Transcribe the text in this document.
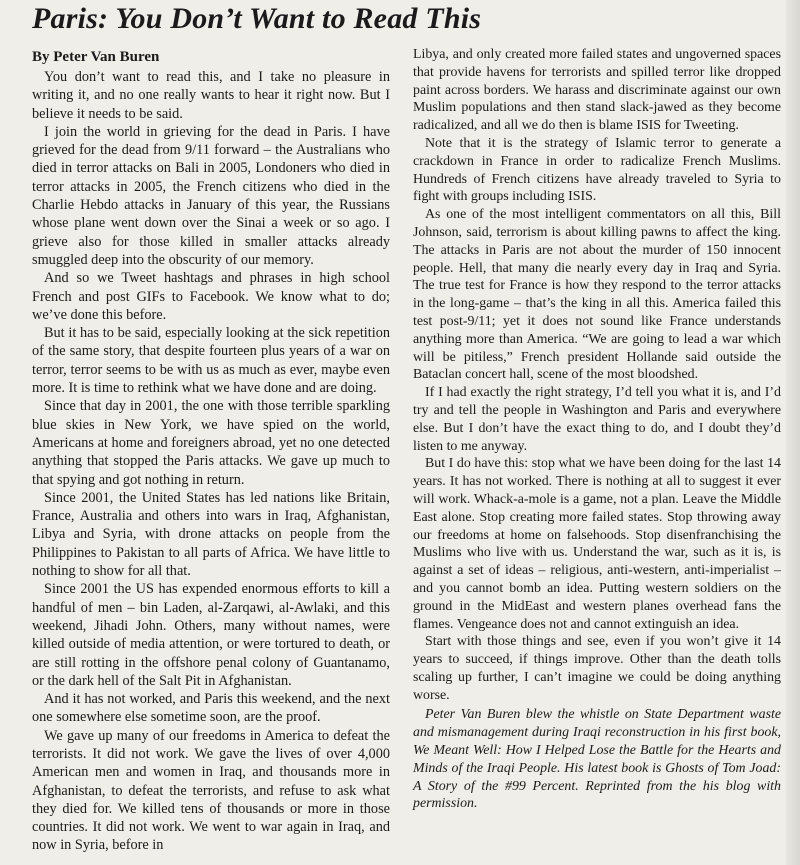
Paris: You Don’t Want to Read This
By Peter Van Buren

You don’t want to read this, and I take no pleasure in writing it, and no one really wants to hear it right now. But I believe it needs to be said.

I join the world in grieving for the dead in Paris. I have grieved for the dead from 9/11 forward – the Australians who died in terror attacks on Bali in 2005, Londoners who died in terror attacks in 2005, the French citizens who died in the Charlie Hebdo attacks in January of this year, the Russians whose plane went down over the Sinai a week or so ago. I grieve also for those killed in smaller attacks already smuggled deep into the obscurity of our memory.

And so we Tweet hashtags and phrases in high school French and post GIFs to Facebook. We know what to do; we’ve done this before.

But it has to be said, especially looking at the sick repetition of the same story, that despite fourteen plus years of a war on terror, terror seems to be with us as much as ever, maybe even more. It is time to rethink what we have done and are doing.

Since that day in 2001, the one with those terrible sparkling blue skies in New York, we have spied on the world, Americans at home and foreigners abroad, yet no one detected anything that stopped the Paris attacks. We gave up much to that spying and got nothing in return.

Since 2001, the United States has led nations like Britain, France, Australia and others into wars in Iraq, Afghanistan, Libya and Syria, with drone attacks on people from the Philippines to Pakistan to all parts of Africa. We have little to nothing to show for all that.

Since 2001 the US has expended enormous efforts to kill a handful of men – bin Laden, al-Zarqawi, al-Awlaki, and this weekend, Jihadi John. Others, many without names, were killed outside of media attention, or were tortured to death, or are still rotting in the offshore penal colony of Guantanamo, or the dark hell of the Salt Pit in Afghanistan.

And it has not worked, and Paris this weekend, and the next one somewhere else sometime soon, are the proof.

We gave up many of our freedoms in America to defeat the terrorists. It did not work. We gave the lives of over 4,000 American men and women in Iraq, and thousands more in Afghanistan, to defeat the terrorists, and refuse to ask what they died for. We killed tens of thousands or more in those countries. It did not work. We went to war again in Iraq, and now in Syria, before in

Libya, and only created more failed states and ungoverned spaces that provide havens for terrorists and spilled terror like dropped paint across borders. We harass and discriminate against our own Muslim populations and then stand slack-jawed as they become radicalized, and all we do then is blame ISIS for Tweeting.

Note that it is the strategy of Islamic terror to generate a crackdown in France in order to radicalize French Muslims. Hundreds of French citizens have already traveled to Syria to fight with groups including ISIS.

As one of the most intelligent commentators on all this, Bill Johnson, said, terrorism is about killing pawns to affect the king. The attacks in Paris are not about the murder of 150 innocent people. Hell, that many die nearly every day in Iraq and Syria. The true test for France is how they respond to the terror attacks in the long-game – that’s the king in all this. America failed this test post-9/11; yet it does not sound like France understands anything more than America. “We are going to lead a war which will be pitiless,” French president Hollande said outside the Bataclan concert hall, scene of the most bloodshed.

If I had exactly the right strategy, I’d tell you what it is, and I’d try and tell the people in Washington and Paris and everywhere else. But I don’t have the exact thing to do, and I doubt they’d listen to me anyway.

But I do have this: stop what we have been doing for the last 14 years. It has not worked. There is nothing at all to suggest it ever will work. Whack-a-mole is a game, not a plan. Leave the Middle East alone. Stop creating more failed states. Stop throwing away our freedoms at home on falsehoods. Stop disenfranchising the Muslims who live with us. Understand the war, such as it is, is against a set of ideas – religious, anti-western, anti-imperialist – and you cannot bomb an idea. Putting western soldiers on the ground in the MidEast and western planes overhead fans the flames. Vengeance does not and cannot extinguish an idea.

Start with those things and see, even if you won’t give it 14 years to succeed, if things improve. Other than the death tolls scaling up further, I can’t imagine we could be doing anything worse.

Peter Van Buren blew the whistle on State Department waste and mismanagement during Iraqi reconstruction in his first book, We Meant Well: How I Helped Lose the Battle for the Hearts and Minds of the Iraqi People. His latest book is Ghosts of Tom Joad: A Story of the #99 Percent. Reprinted from the his blog with permission.
